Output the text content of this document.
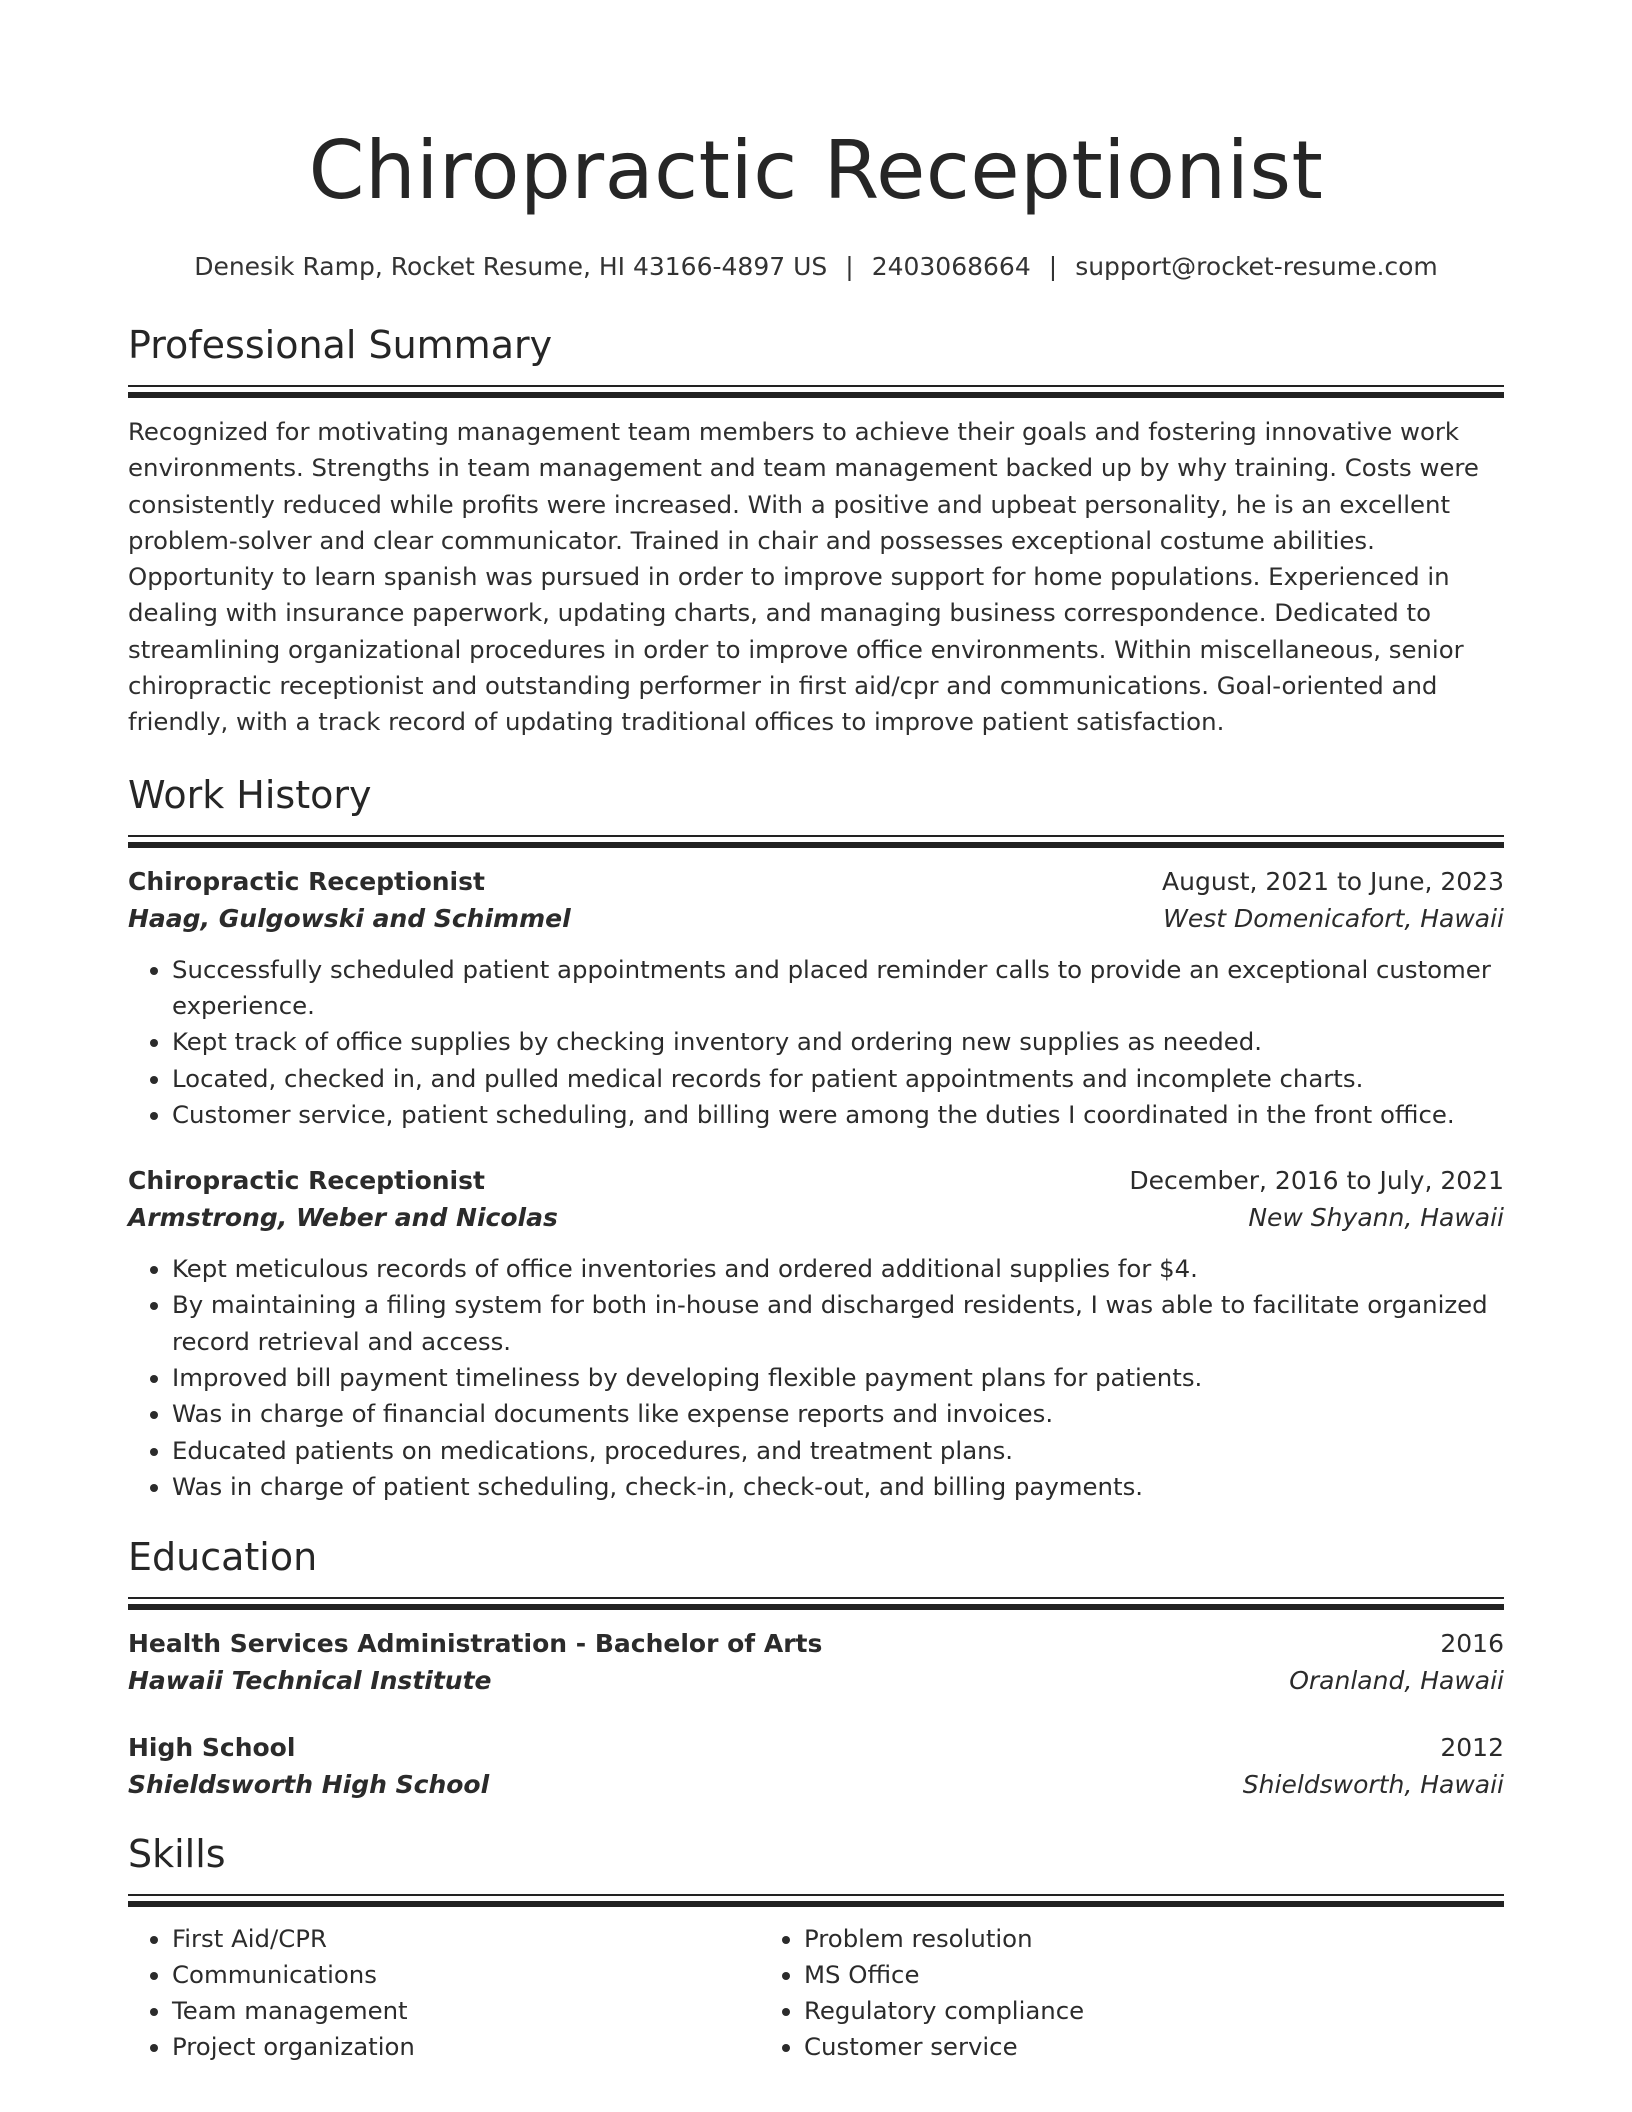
Chiropractic Receptionist
Denesik Ramp, Rocket Resume, HI 43166-4897 US | 2403068664 | support@rocket-resume.com
Professional Summary
Recognized for motivating management team members to achieve their goals and fostering innovative work environments. Strengths in team management and team management backed up by why training. Costs were consistently reduced while profits were increased. With a positive and upbeat personality, he is an excellent problem-solver and clear communicator. Trained in chair and possesses exceptional costume abilities. Opportunity to learn spanish was pursued in order to improve support for home populations. Experienced in dealing with insurance paperwork, updating charts, and managing business correspondence. Dedicated to streamlining organizational procedures in order to improve office environments. Within miscellaneous, senior chiropractic receptionist and outstanding performer in first aid/cpr and communications. Goal-oriented and friendly, with a track record of updating traditional offices to improve patient satisfaction.
Work History
Chiropractic Receptionist	August, 2021 to June, 2023
Haag, Gulgowski and Schimmel	West Domenicafort, Hawaii
• Successfully scheduled patient appointments and placed reminder calls to provide an exceptional customer experience.
• Kept track of office supplies by checking inventory and ordering new supplies as needed.
• Located, checked in, and pulled medical records for patient appointments and incomplete charts.
• Customer service, patient scheduling, and billing were among the duties I coordinated in the front office.
Chiropractic Receptionist	December, 2016 to July, 2021
Armstrong, Weber and Nicolas	New Shyann, Hawaii
• Kept meticulous records of office inventories and ordered additional supplies for $4.
• By maintaining a filing system for both in-house and discharged residents, I was able to facilitate organized record retrieval and access.
• Improved bill payment timeliness by developing flexible payment plans for patients.
• Was in charge of financial documents like expense reports and invoices.
• Educated patients on medications, procedures, and treatment plans.
• Was in charge of patient scheduling, check-in, check-out, and billing payments.
Education
Health Services Administration - Bachelor of Arts	2016
Hawaii Technical Institute	Oranland, Hawaii
High School	2012
Shieldsworth High School	Shieldsworth, Hawaii
Skills
• First Aid/CPR
• Communications
• Team management
• Project organization
• Problem resolution
• MS Office
• Regulatory compliance
• Customer service
